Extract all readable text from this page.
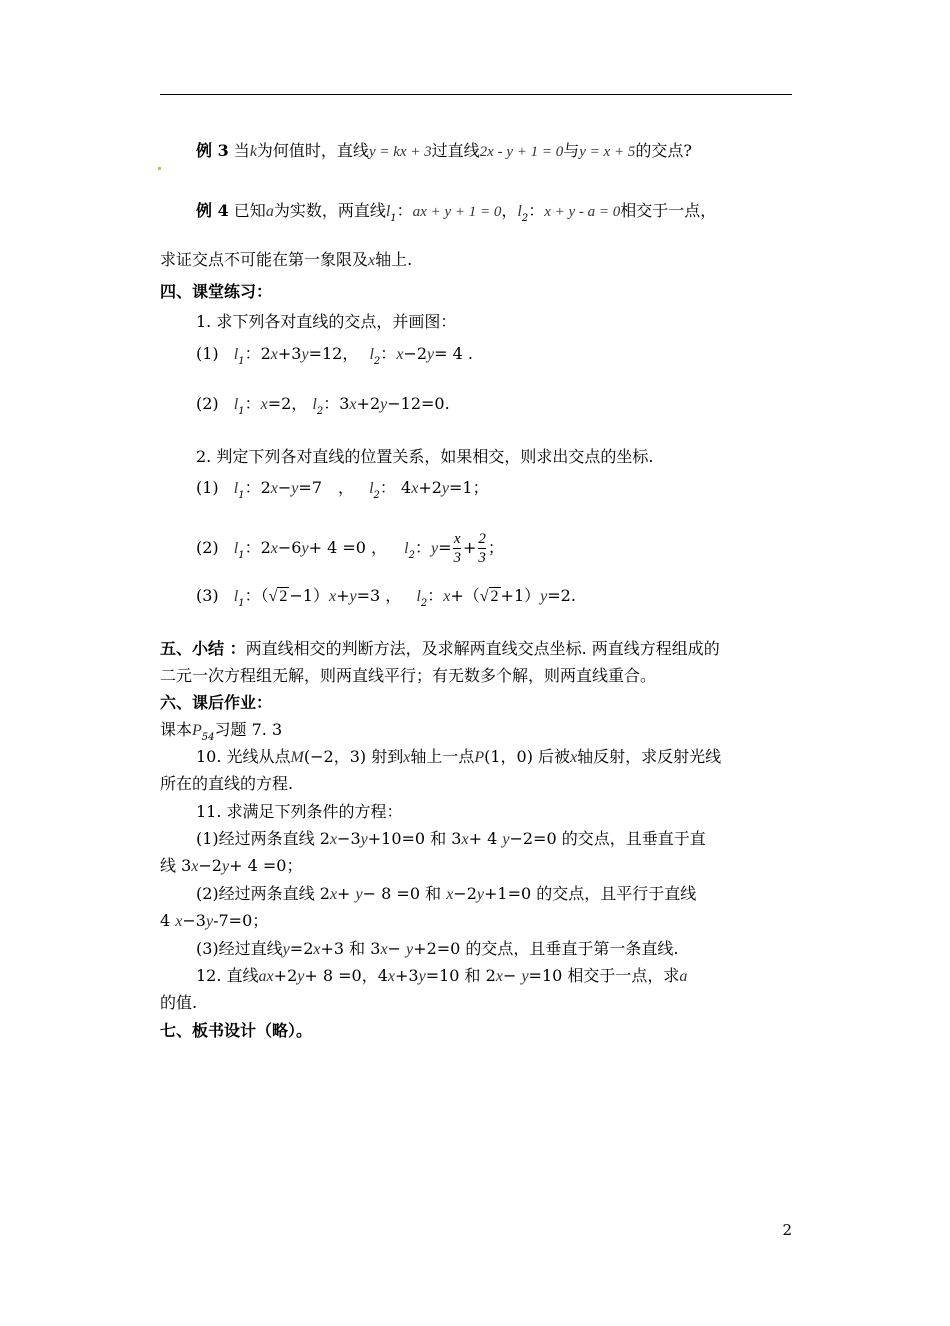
例 3 当k为何值时，直线y = kx + 3过直线2x - y + 1 = 0与y = x + 5的交点?
例 4 已知a为实数，两直线$l_1$：ax + y + 1 = 0，$l_2$：x + y - a = 0相交于一点，
求证交点不可能在第一象限及x轴上.
四、课堂练习：
1. 求下列各对直线的交点，并画图：
(1) $l_1$：2x+3y=12， $l_2$：x−2y= 4 .
(2) $l_1$：x=2， $l_2$：3x+2y−12=0.
2. 判定下列各对直线的位置关系，如果相交，则求出交点的坐标.
(1) $l_1$：2x−y=7　， $l_2$： 4x+2y=1；
(2) $l_1$：2x−6y+ 4 =0 ， $l_2$：$y= \frac{x}{3} + \frac{2}{3}$ ；
(3) $l_1$：（√ 2 −1）x+y=3 ， $l_2$：x+（√ 2 +1）y=2.
五、小结 ：两直线相交的判断方法，及求解两直线交点坐标. 两直线方程组成的
二元一次方程组无解，则两直线平行；有无数多个解，则两直线重合。
六、课后作业：
课本$P_{54}$习题 7. 3
10. 光线从点M(−2，3) 射到x轴上一点P(1，0) 后被x轴反射，求反射光线
所在的直线的方程.
11. 求满足下列条件的方程：
(1)经过两条直线 2x−3y+10=0 和 3x+ 4 y−2=0 的交点，且垂直于直
线 3x−2y+ 4 =0；
(2)经过两条直线 2x+ y− 8 =0 和 x−2y+1=0 的交点，且平行于直线
4 x−3y-7=0；
(3)经过直线y=2x+3 和 3x− y+2=0 的交点，且垂直于第一条直线.
12. 直线ax+2y+ 8 =0，4x+3y=10 和 2x− y=10 相交于一点，求a
的值.
七、板书设计（略）。
2
